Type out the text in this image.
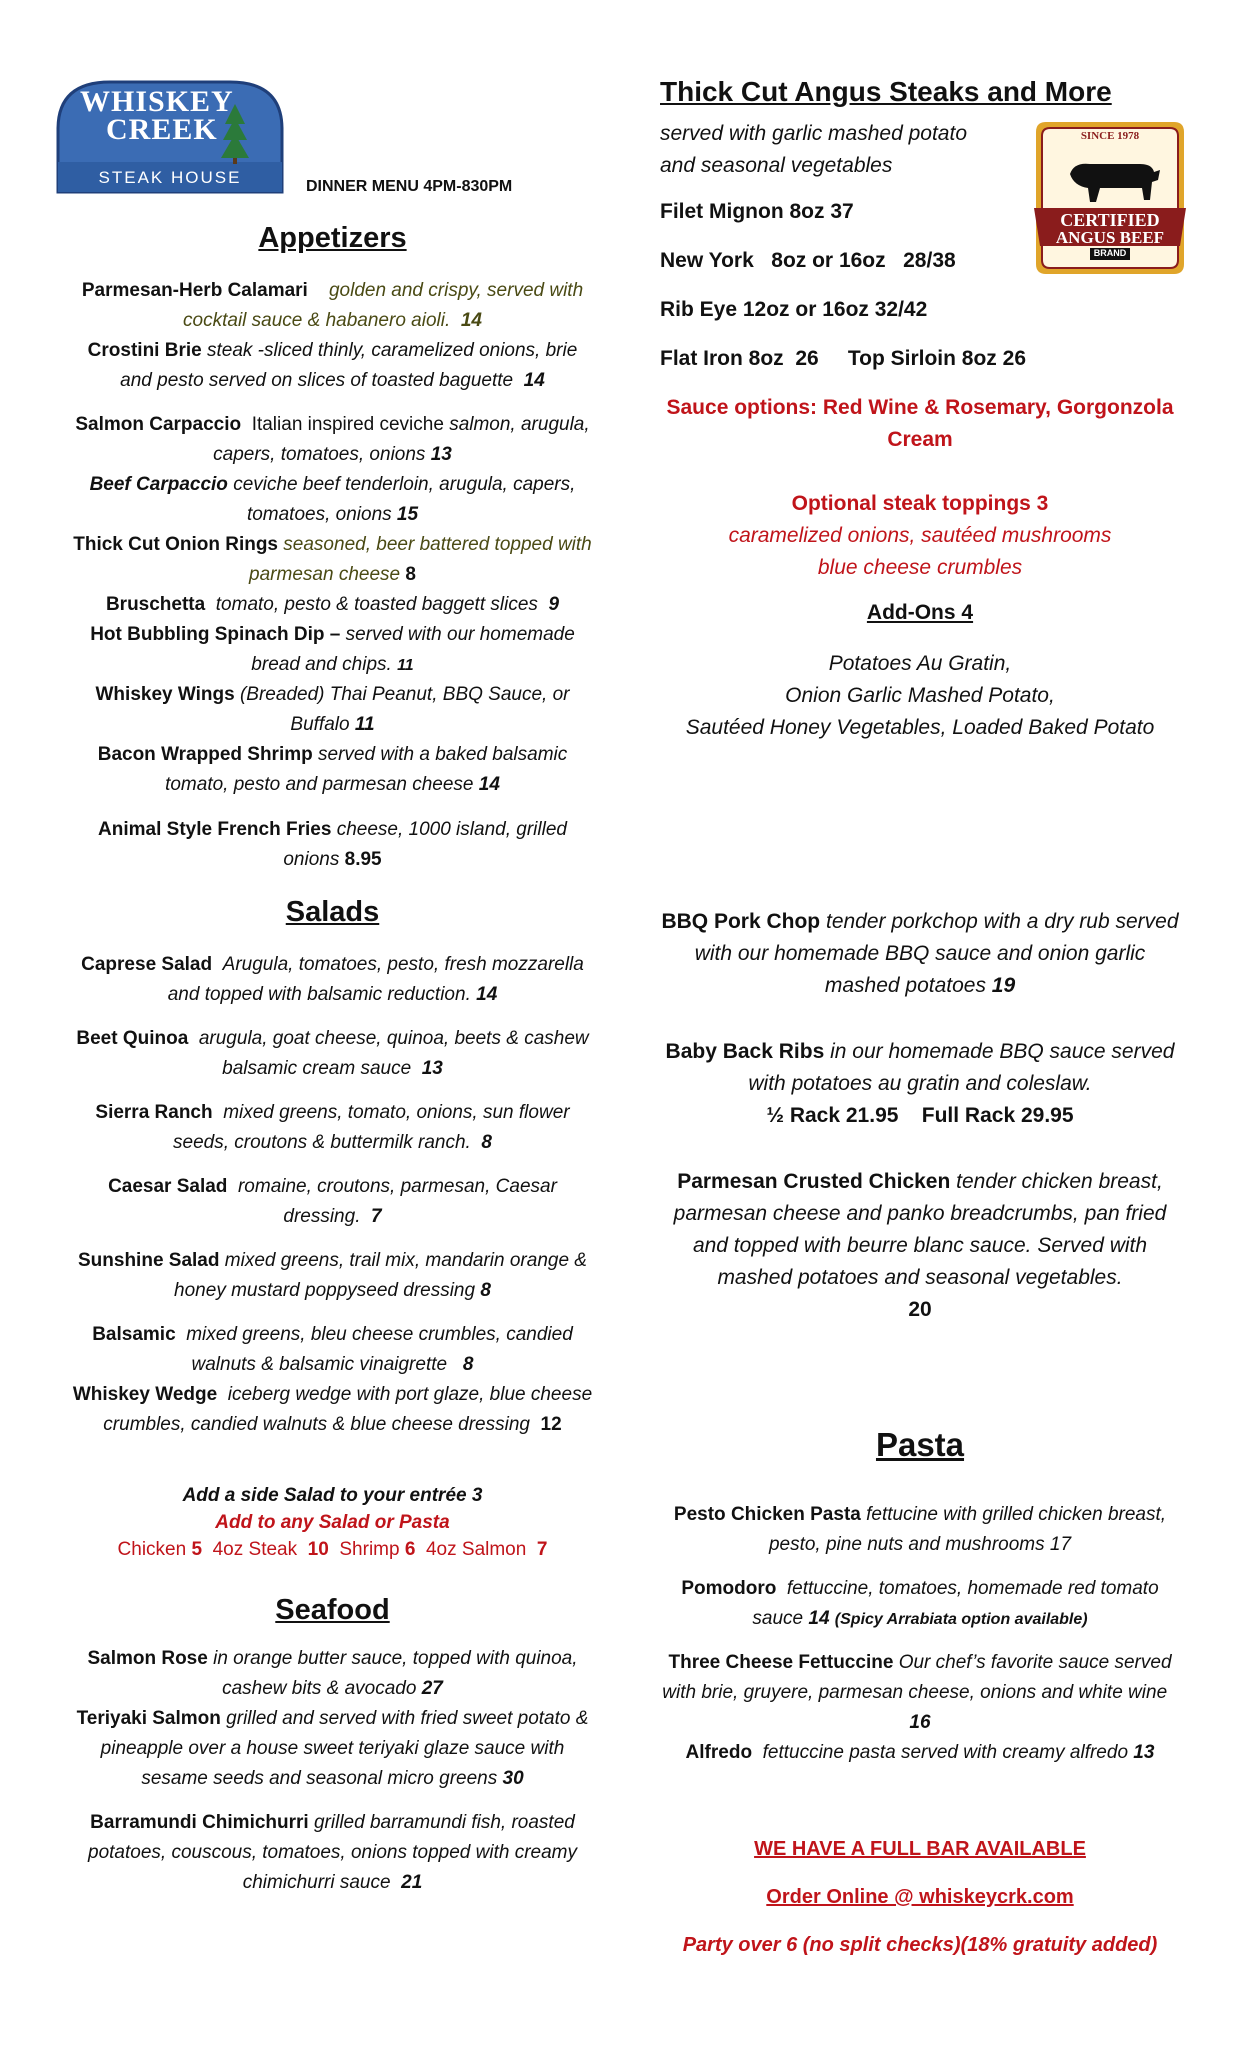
WHISKEY
CREEK
STEAK HOUSE	DINNER MENU 4PM-830PM
Appetizers
Parmesan-Herb Calamari golden and crispy, served with cocktail sauce & habanero aioli. 14
Crostini Brie steak -sliced thinly, caramelized onions, brie and pesto served on slices of toasted baguette 14
Salmon Carpaccio Italian inspired ceviche salmon, arugula, capers, tomatoes, onions 13
Beef Carpaccio ceviche beef tenderloin, arugula, capers, tomatoes, onions 15
Thick Cut Onion Rings seasoned, beer battered topped with parmesan cheese 8
Bruschetta tomato, pesto & toasted baggett slices 9
Hot Bubbling Spinach Dip – served with our homemade bread and chips. 11
Whiskey Wings (Breaded) Thai Peanut, BBQ Sauce, or Buffalo 11
Bacon Wrapped Shrimp served with a baked balsamic tomato, pesto and parmesan cheese 14
Animal Style French Fries cheese, 1000 island, grilled onions 8.95
Salads
Caprese Salad Arugula, tomatoes, pesto, fresh mozzarella and topped with balsamic reduction. 14
Beet Quinoa arugula, goat cheese, quinoa, beets & cashew balsamic cream sauce 13
Sierra Ranch mixed greens, tomato, onions, sun flower seeds, croutons & buttermilk ranch. 8
Caesar Salad romaine, croutons, parmesan, Caesar dressing. 7
Sunshine Salad mixed greens, trail mix, mandarin orange & honey mustard poppyseed dressing 8
Balsamic mixed greens, bleu cheese crumbles, candied walnuts & balsamic vinaigrette 8
Whiskey Wedge iceberg wedge with port glaze, blue cheese crumbles, candied walnuts & blue cheese dressing 12
Add a side Salad to your entrée 3
Add to any Salad or Pasta
Chicken 5 4oz Steak 10 Shrimp 6 4oz Salmon 7
Seafood
Salmon Rose in orange butter sauce, topped with quinoa, cashew bits & avocado 27
Teriyaki Salmon grilled and served with fried sweet potato & pineapple over a house sweet teriyaki glaze sauce with sesame seeds and seasonal micro greens 30
Barramundi Chimichurri grilled barramundi fish, roasted potatoes, couscous, tomatoes, onions topped with creamy chimichurri sauce 21
Thick Cut Angus Steaks and More
served with garlic mashed potato
and seasonal vegetables
Filet Mignon 8oz 37
New York   8oz or 16oz   28/38
Rib Eye 12oz or 16oz 32/42
Flat Iron 8oz  26     Top Sirloin 8oz 26
SINCE 1978
CERTIFIED
ANGUS BEEF
BRAND
Sauce options: Red Wine & Rosemary, Gorgonzola
Cream
Optional steak toppings 3
caramelized onions, sautéed mushrooms
blue cheese crumbles
Add-Ons 4
Potatoes Au Gratin,
Onion Garlic Mashed Potato,
Sautéed Honey Vegetables, Loaded Baked Potato
BBQ Pork Chop tender porkchop with a dry rub served with our homemade BBQ sauce and onion garlic mashed potatoes 19
Baby Back Ribs in our homemade BBQ sauce served with potatoes au gratin and coleslaw.
½ Rack 21.95    Full Rack 29.95
Parmesan Crusted Chicken tender chicken breast, parmesan cheese and panko breadcrumbs, pan fried and topped with beurre blanc sauce. Served with mashed potatoes and seasonal vegetables.
20
Pasta
Pesto Chicken Pasta fettucine with grilled chicken breast, pesto, pine nuts and mushrooms 17
Pomodoro fettuccine, tomatoes, homemade red tomato sauce 14 (Spicy Arrabiata option available)
Three Cheese Fettuccine Our chef’s favorite sauce served with brie, gruyere, parmesan cheese, onions and white wine   16
Alfredo fettuccine pasta served with creamy alfredo 13
WE HAVE A FULL BAR AVAILABLE
Order Online @ whiskeycrk.com
Party over 6 (no split checks)(18% gratuity added)
